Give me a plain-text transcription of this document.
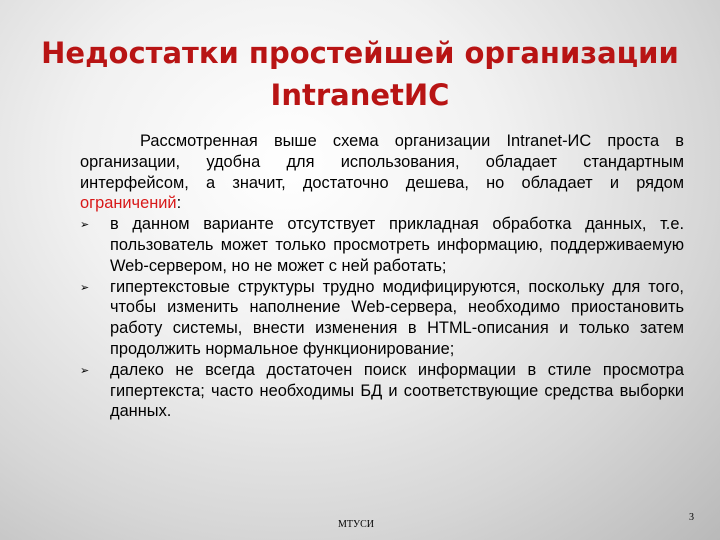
Недостатки простейшей организации
IntranetИС

Рассмотренная выше схема организации Intranet-ИС проста в организации, удобна для использования, обладает стандартным интерфейсом, а значит, достаточно дешева, но обладает и рядом ограничений:

➢ в данном варианте отсутствует прикладная обработка данных, т.е. пользователь может только просмотреть информацию, поддерживаемую Web-сервером, но не может с ней работать;
➢ гипертекстовые структуры трудно модифицируются, поскольку для того, чтобы изменить наполнение Web-сервера, необходимо приостановить работу системы, внести изменения в HTML-описания и только затем продолжить нормальное функционирование;
➢ далеко не всегда достаточен поиск информации в стиле просмотра гипертекста; часто необходимы БД и соответствующие средства выборки данных.
МТУСИ
3
